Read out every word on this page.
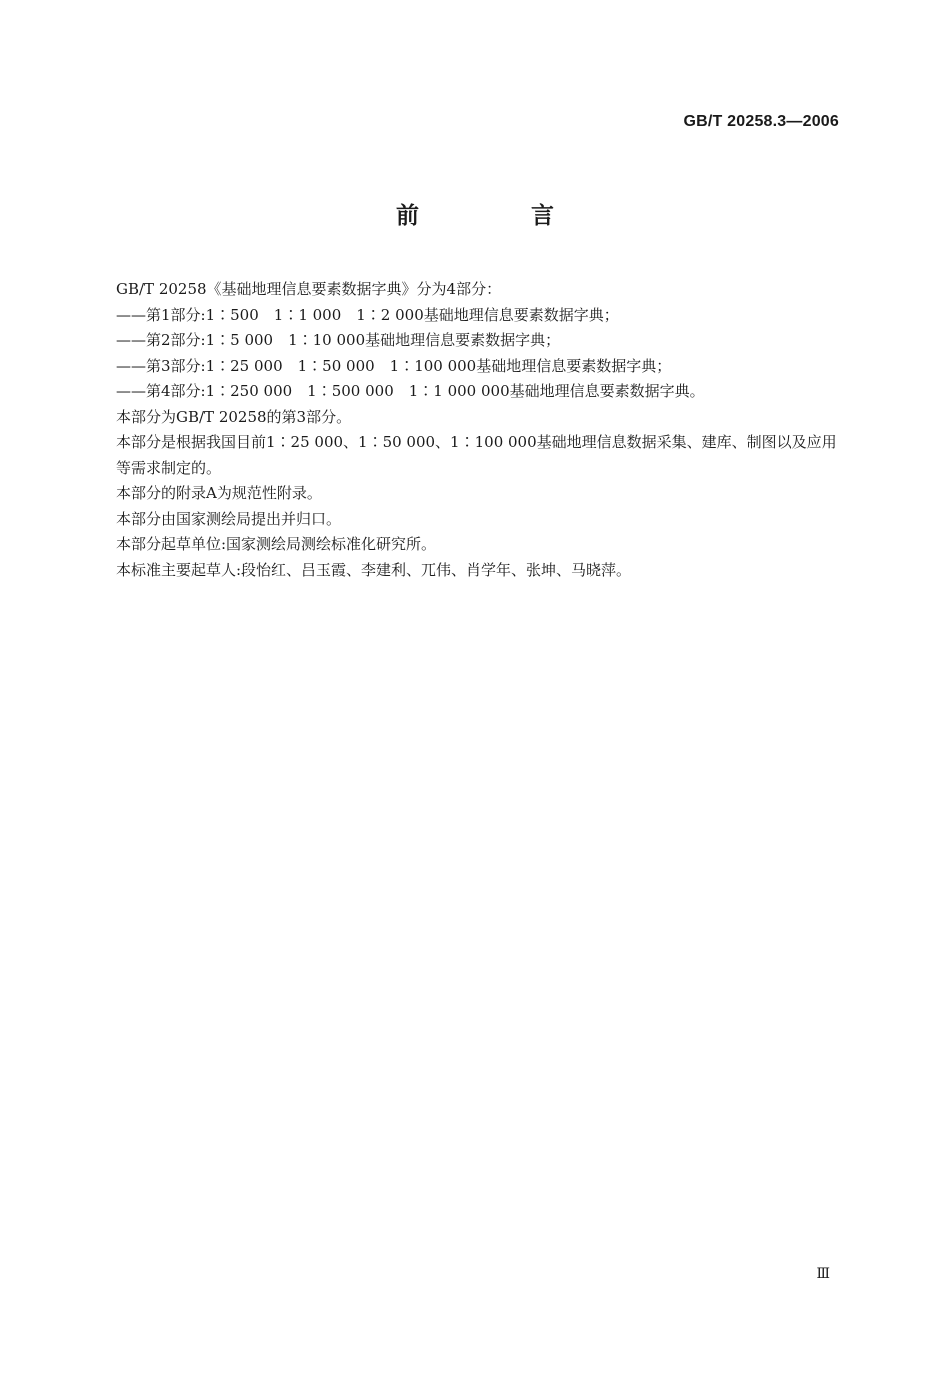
GB/T 20258.3—2006
前 言

GB/T 20258《基础地理信息要素数据字典》分为4部分：

——第1部分:1∶500　1∶1 000　1∶2 000基础地理信息要素数据字典；

——第2部分:1∶5 000　1∶10 000基础地理信息要素数据字典；

——第3部分:1∶25 000　1∶50 000　1∶100 000基础地理信息要素数据字典；

——第4部分:1∶250 000　1∶500 000　1∶1 000 000基础地理信息要素数据字典。

本部分为GB/T 20258的第3部分。

本部分是根据我国目前1∶25 000、1∶50 000、1∶100 000基础地理信息数据采集、建库、制图以及应用等需求制定的。

本部分的附录A为规范性附录。

本部分由国家测绘局提出并归口。

本部分起草单位:国家测绘局测绘标准化研究所。

本标准主要起草人:段怡红、吕玉霞、李建利、兀伟、肖学年、张坤、马晓萍。

Ⅲ
